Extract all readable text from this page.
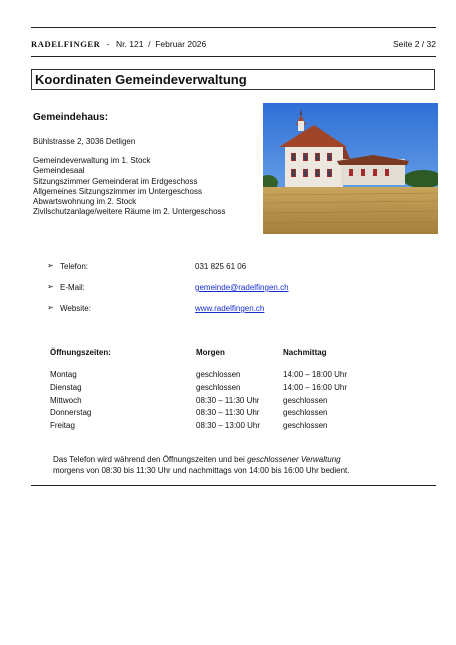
RADELFINGER - Nr. 121  /  Februar 2026	Seite 2 / 32
Koordinaten Gemeindeverwaltung
Gemeindehaus:
Bühlstrasse 2, 3036 Detligen
Gemeindeverwaltung im 1. Stock
Gemeindesaal
Sitzungszimmer Gemeinderat im Erdgeschoss
Allgemeines Sitzungszimmer im Untergeschoss
Abwartswohnung im 2. Stock
Zivilschutzanlage/weitere Räume im 2. Untergeschoss
➢ Telefon:	031 825 61 06
➢ E-Mail:	gemeinde@radelfingen.ch
➢ Website:	www.radelfingen.ch
Öffnungszeiten:	Morgen	Nachmittag
Montag	geschlossen	14:00 – 18:00 Uhr
Dienstag	geschlossen	14:00 – 16:00 Uhr
Mittwoch	08:30 – 11:30 Uhr	geschlossen
Donnerstag	08:30 – 11:30 Uhr	geschlossen
Freitag	08:30 – 13:00 Uhr	geschlossen
Das Telefon wird während den Öffnungszeiten und bei geschlossener Verwaltung
morgens von 08:30 bis 11:30 Uhr und nachmittags von 14:00 bis 16:00 Uhr bedient.
